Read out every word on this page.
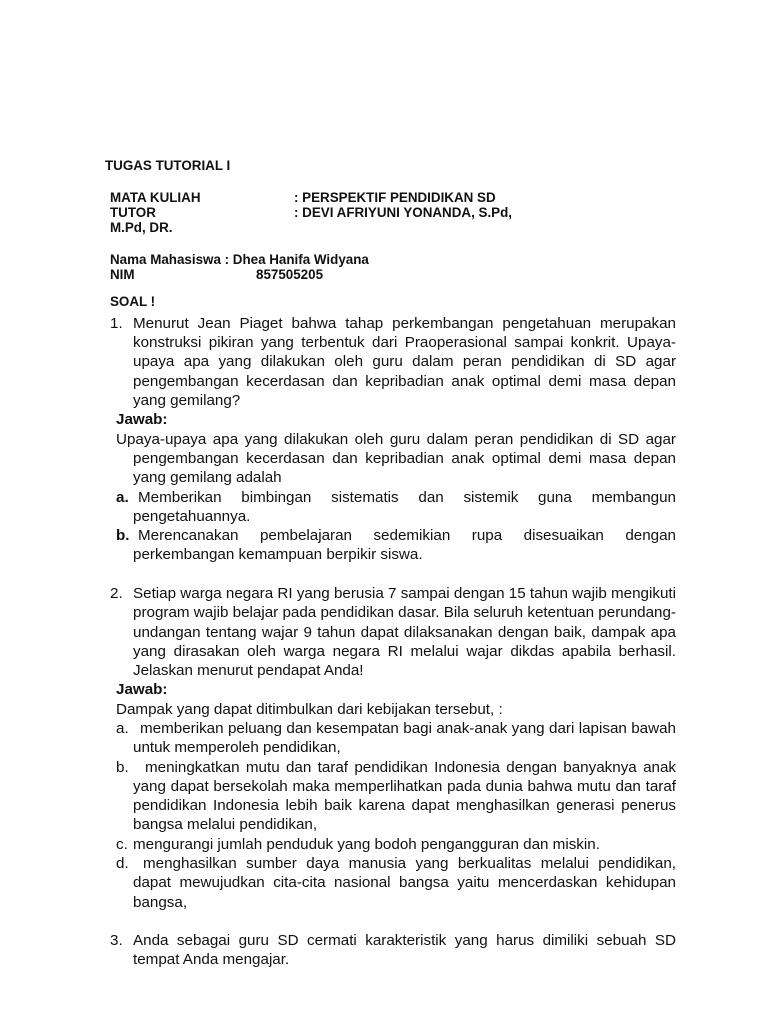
TUGAS TUTORIAL I
MATA KULIAH	: PERSPEKTIF PENDIDIKAN SD
TUTOR	: DEVI AFRIYUNI YONANDA, S.Pd,
M.Pd, DR.
Nama Mahasiswa : Dhea Hanifa Widyana
NIM	857505205
SOAL !
1. Menurut Jean Piaget bahwa tahap perkembangan pengetahuan merupakan
konstruksi pikiran yang terbentuk dari Praoperasional sampai konkrit. Upaya-
upaya apa yang dilakukan oleh guru dalam peran pendidikan di SD agar
pengembangan kecerdasan dan kepribadian anak optimal demi masa depan
yang gemilang?
Jawab:
Upaya-upaya apa yang dilakukan oleh guru dalam peran pendidikan di SD agar
pengembangan kecerdasan dan kepribadian anak optimal demi masa depan
yang gemilang adalah
a. Memberikan bimbingan sistematis dan sistemik guna membangun
pengetahuannya.
b. Merencanakan pembelajaran sedemikian rupa disesuaikan dengan
perkembangan kemampuan berpikir siswa.
2. Setiap warga negara RI yang berusia 7 sampai dengan 15 tahun wajib mengikuti
program wajib belajar pada pendidikan dasar. Bila seluruh ketentuan perundang-
undangan tentang wajar 9 tahun dapat dilaksanakan dengan baik, dampak apa
yang dirasakan oleh warga negara RI melalui wajar dikdas apabila berhasil.
Jelaskan menurut pendapat Anda!
Jawab:
Dampak yang dapat ditimbulkan dari kebijakan tersebut, :
a. memberikan peluang dan kesempatan bagi anak-anak yang dari lapisan bawah
untuk memperoleh pendidikan,
b. meningkatkan mutu dan taraf pendidikan Indonesia dengan banyaknya anak
yang dapat bersekolah maka memperlihatkan pada dunia bahwa mutu dan taraf
pendidikan Indonesia lebih baik karena dapat menghasilkan generasi penerus
bangsa melalui pendidikan,
c. mengurangi jumlah penduduk yang bodoh pengangguran dan miskin.
d. menghasilkan sumber daya manusia yang berkualitas melalui pendidikan,
dapat mewujudkan cita-cita nasional bangsa yaitu mencerdaskan kehidupan
bangsa,
3. Anda sebagai guru SD cermati karakteristik yang harus dimiliki sebuah SD
tempat Anda mengajar.
